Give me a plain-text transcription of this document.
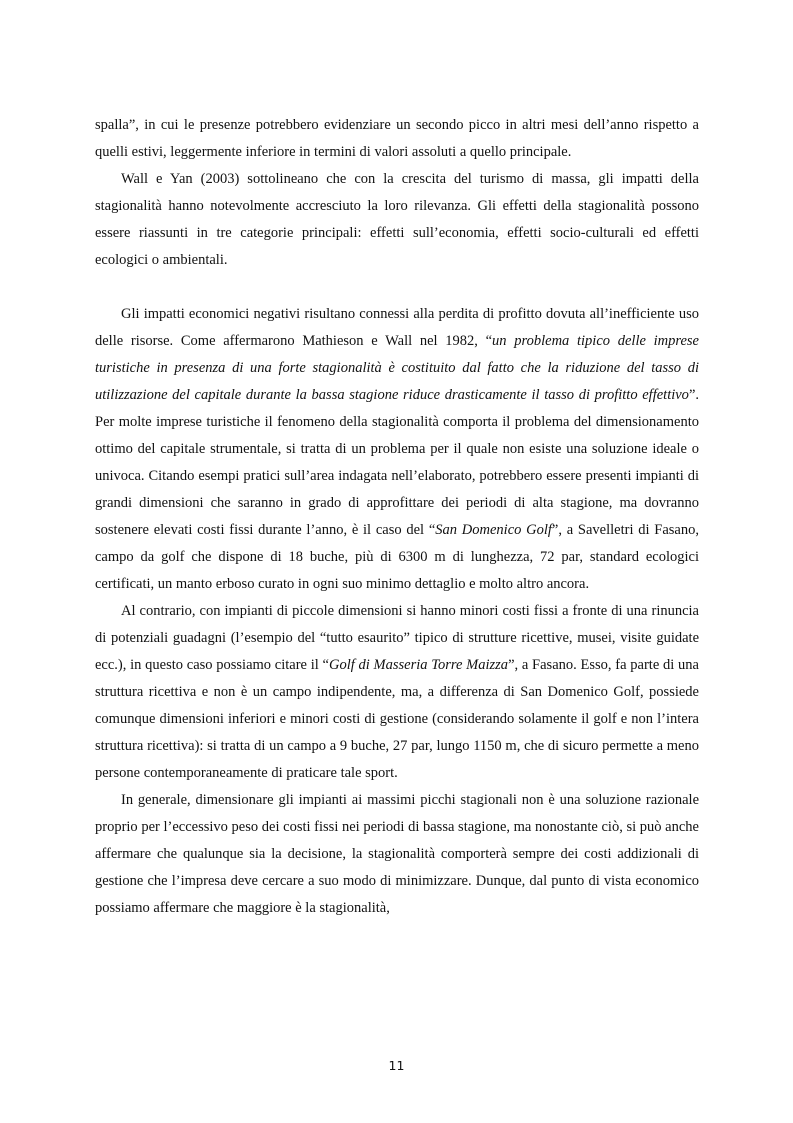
spalla”, in cui le presenze potrebbero evidenziare un secondo picco in altri mesi dell’anno rispetto a quelli estivi, leggermente inferiore in termini di valori assoluti a quello principale.

Wall e Yan (2003) sottolineano che con la crescita del turismo di massa, gli impatti della stagionalità hanno notevolmente accresciuto la loro rilevanza. Gli effetti della stagionalità possono essere riassunti in tre categorie principali: effetti sull’economia, effetti socio-culturali ed effetti ecologici o ambientali.

Gli impatti economici negativi risultano connessi alla perdita di profitto dovuta all’inefficiente uso delle risorse. Come affermarono Mathieson e Wall nel 1982, “un problema tipico delle imprese turistiche in presenza di una forte stagionalità è costituito dal fatto che la riduzione del tasso di utilizzazione del capitale durante la bassa stagione riduce drasticamente il tasso di profitto effettivo”. Per molte imprese turistiche il fenomeno della stagionalità comporta il problema del dimensionamento ottimo del capitale strumentale, si tratta di un problema per il quale non esiste una soluzione ideale o univoca. Citando esempi pratici sull’area indagata nell’elaborato, potrebbero essere presenti impianti di grandi dimensioni che saranno in grado di approfittare dei periodi di alta stagione, ma dovranno sostenere elevati costi fissi durante l’anno, è il caso del “San Domenico Golf”, a Savelletri di Fasano, campo da golf che dispone di 18 buche, più di 6300 m di lunghezza, 72 par, standard ecologici certificati, un manto erboso curato in ogni suo minimo dettaglio e molto altro ancora.

Al contrario, con impianti di piccole dimensioni si hanno minori costi fissi a fronte di una rinuncia di potenziali guadagni (l’esempio del “tutto esaurito” tipico di strutture ricettive, musei, visite guidate ecc.), in questo caso possiamo citare il “Golf di Masseria Torre Maizza”, a Fasano. Esso, fa parte di una struttura ricettiva e non è un campo indipendente, ma, a differenza di San Domenico Golf, possiede comunque dimensioni inferiori e minori costi di gestione (considerando solamente il golf e non l’intera struttura ricettiva): si tratta di un campo a 9 buche, 27 par, lungo 1150 m, che di sicuro permette a meno persone contemporaneamente di praticare tale sport.

In generale, dimensionare gli impianti ai massimi picchi stagionali non è una soluzione razionale proprio per l’eccessivo peso dei costi fissi nei periodi di bassa stagione, ma nonostante ciò, si può anche affermare che qualunque sia la decisione, la stagionalità comporterà sempre dei costi addizionali di gestione che l’impresa deve cercare a suo modo di minimizzare. Dunque, dal punto di vista economico possiamo affermare che maggiore è la stagionalità,

11
